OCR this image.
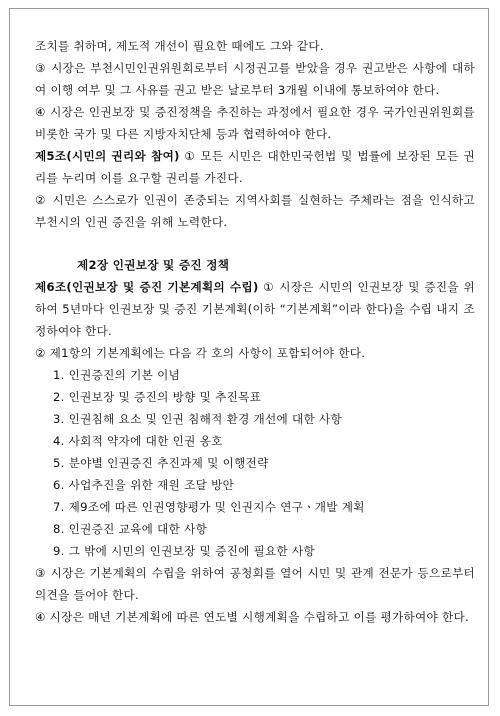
조치를 취하며, 제도적 개선이 필요한 때에도 그와 같다.

③ 시장은 부천시민인권위원회로부터 시정권고를 받았을 경우 권고받은 사항에 대하여 이행 여부 및 그 사유를 권고 받은 날로부터 3개월 이내에 통보하여야 한다.

④ 시장은 인권보장 및 증진정책을 추진하는 과정에서 필요한 경우 국가인권위원회를 비롯한 국가 및 다른 지방자치단체 등과 협력하여야 한다.

제5조(시민의 권리와 참여) ① 모든 시민은 대한민국헌법 및 법률에 보장된 모든 권리를 누리며 이를 요구할 권리를 가진다.

② 시민은 스스로가 인권이 존중되는 지역사회를 실현하는 주체라는 점을 인식하고 부천시의 인권 증진을 위해 노력한다.

제2장 인권보장 및 증진 정책

제6조(인권보장 및 증진 기본계획의 수립) ① 시장은 시민의 인권보장 및 증진을 위하여 5년마다 인권보장 및 증진 기본계획(이하 “기본계획”이라 한다)을 수립 내지 조정하여야 한다.

② 제1항의 기본계획에는 다음 각 호의 사항이 포함되어야 한다.

1. 인권증진의 기본 이념
2. 인권보장 및 증진의 방향 및 추진목표
3. 인권침해 요소 및 인권 침해적 환경 개선에 대한 사항
4. 사회적 약자에 대한 인권 옹호
5. 분야별 인권증진 추진과제 및 이행전략
6. 사업추진을 위한 재원 조달 방안
7. 제9조에 따른 인권영향평가 및 인권지수 연구ㆍ개발 계획
8. 인권증진 교육에 대한 사항
9. 그 밖에 시민의 인권보장 및 증진에 필요한 사항

③ 시장은 기본계획의 수립을 위하여 공청회를 열어 시민 및 관계 전문가 등으로부터 의견을 들어야 한다.

④ 시장은 매년 기본계획에 따른 연도별 시행계획을 수립하고 이를 평가하여야 한다.
